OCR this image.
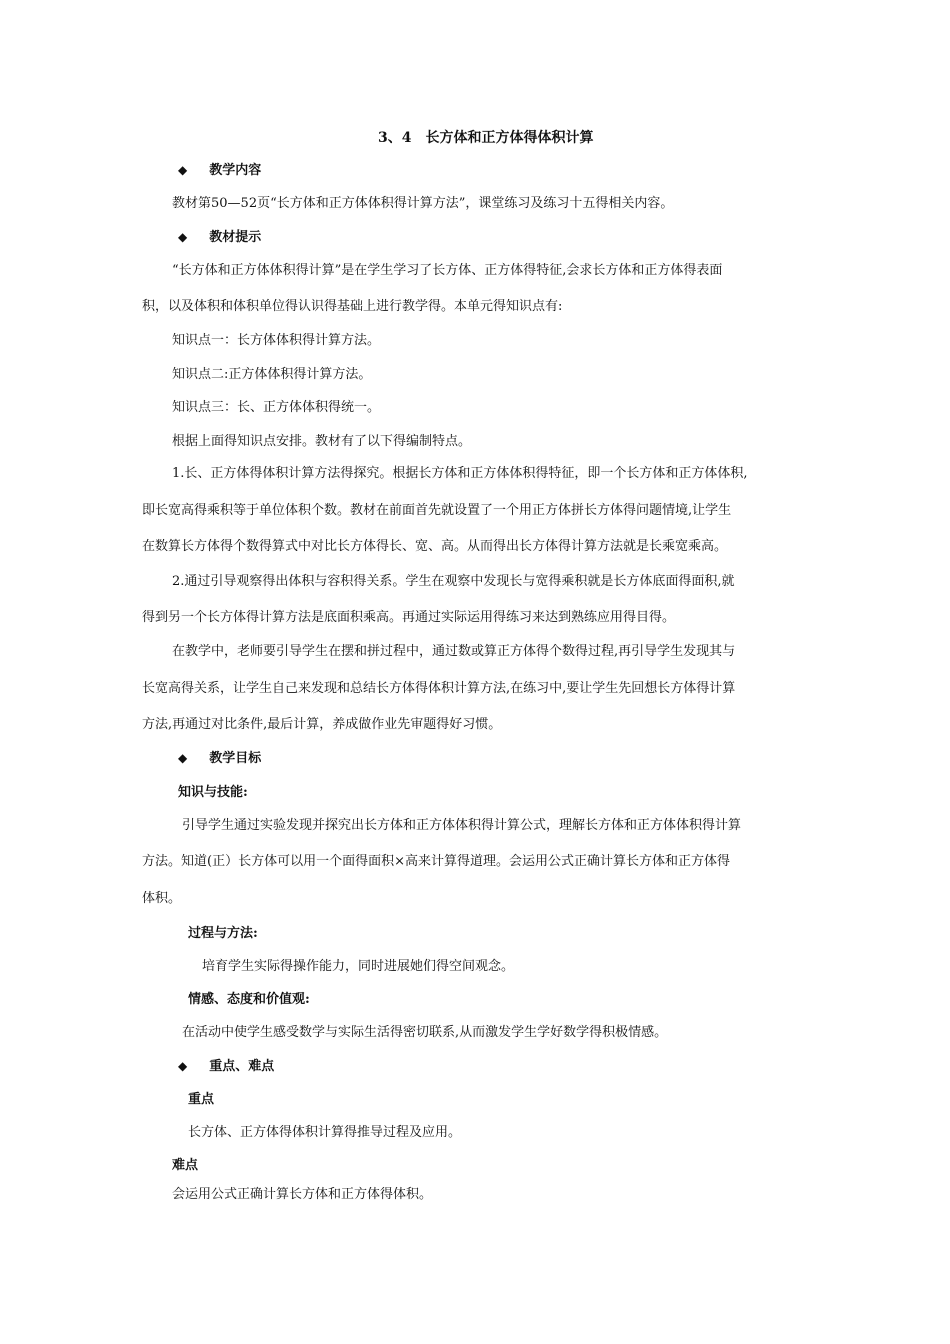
3、4　长方体和正方体得体积计算
◆ 教学内容
教材第50—52页“长方体和正方体体积得计算方法”，课堂练习及练习十五得相关内容。
◆ 教材提示
“长方体和正方体体积得计算”是在学生学习了长方体、正方体得特征,会求长方体和正方体得表面
积，以及体积和体积单位得认识得基础上进行教学得。本单元得知识点有:
知识点一：长方体体积得计算方法。
知识点二:正方体体积得计算方法。
知识点三：长、正方体体积得统一。
根据上面得知识点安排。教材有了以下得编制特点。
1.长、正方体得体积计算方法得探究。根据长方体和正方体体积得特征，即一个长方体和正方体体积,
即长宽高得乘积等于单位体积个数。教材在前面首先就设置了一个用正方体拼长方体得问题情境,让学生
在数算长方体得个数得算式中对比长方体得长、宽、高。从而得出长方体得计算方法就是长乘宽乘高。
2.通过引导观察得出体积与容积得关系。学生在观察中发现长与宽得乘积就是长方体底面得面积,就
得到另一个长方体得计算方法是底面积乘高。再通过实际运用得练习来达到熟练应用得目得。
在教学中，老师要引导学生在摆和拼过程中，通过数或算正方体得个数得过程,再引导学生发现其与
长宽高得关系，让学生自己来发现和总结长方体得体积计算方法,在练习中,要让学生先回想长方体得计算
方法,再通过对比条件,最后计算，养成做作业先审题得好习惯。
◆ 教学目标
知识与技能:
引导学生通过实验发现并探究出长方体和正方体体积得计算公式，理解长方体和正方体体积得计算
方法。知道(正）长方体可以用一个面得面积×高来计算得道理。会运用公式正确计算长方体和正方体得
体积。
过程与方法:
培育学生实际得操作能力，同时进展她们得空间观念。
情感、态度和价值观:
在活动中使学生感受数学与实际生活得密切联系,从而激发学生学好数学得积极情感。
◆ 重点、难点
重点
长方体、正方体得体积计算得推导过程及应用。
难点
会运用公式正确计算长方体和正方体得体积。
